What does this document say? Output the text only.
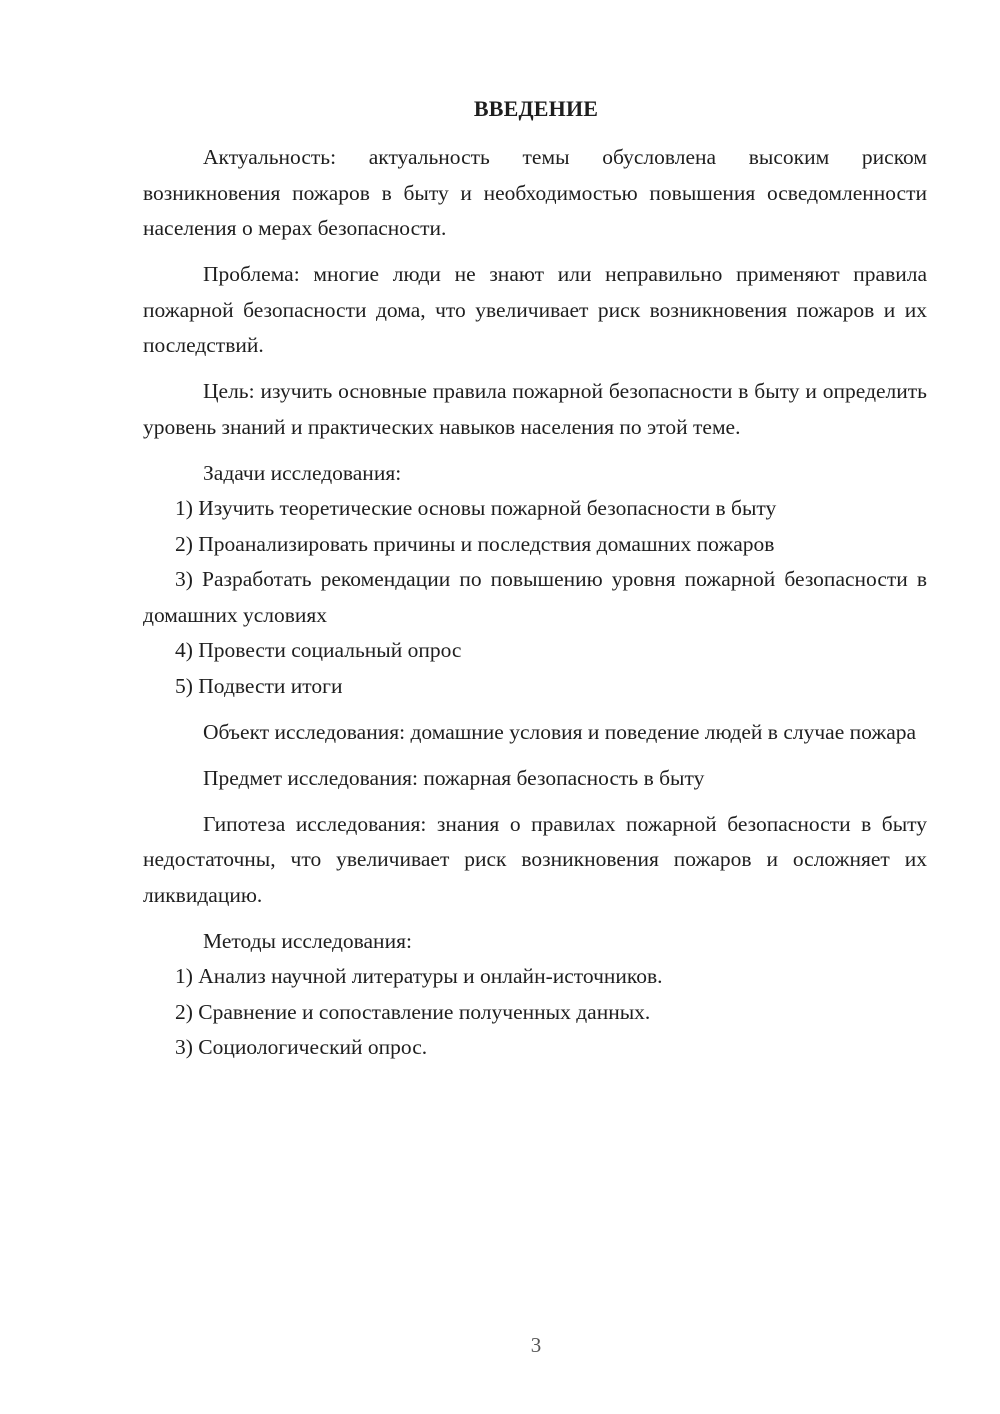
ВВЕДЕНИЕ

Актуальность: актуальность темы обусловлена высоким риском возникновения пожаров в быту и необходимостью повышения осведомленности населения о мерах безопасности.

Проблема: многие люди не знают или неправильно применяют правила пожарной безопасности дома, что увеличивает риск возникновения пожаров и их последствий.

Цель: изучить основные правила пожарной безопасности в быту и определить уровень знаний и практических навыков населения по этой теме.

Задачи исследования:

1) Изучить теоретические основы пожарной безопасности в быту

2) Проанализировать причины и последствия домашних пожаров

3) Разработать рекомендации по повышению уровня пожарной безопасности в домашних условиях

4) Провести социальный опрос

5) Подвести итоги

Объект исследования: домашние условия и поведение людей в случае пожара

Предмет исследования: пожарная безопасность в быту

Гипотеза исследования: знания о правилах пожарной безопасности в быту недостаточны, что увеличивает риск возникновения пожаров и осложняет их ликвидацию.

Методы исследования:

1) Анализ научной литературы и онлайн-источников.

2) Сравнение и сопоставление полученных данных.

3) Социологический опрос.

3
